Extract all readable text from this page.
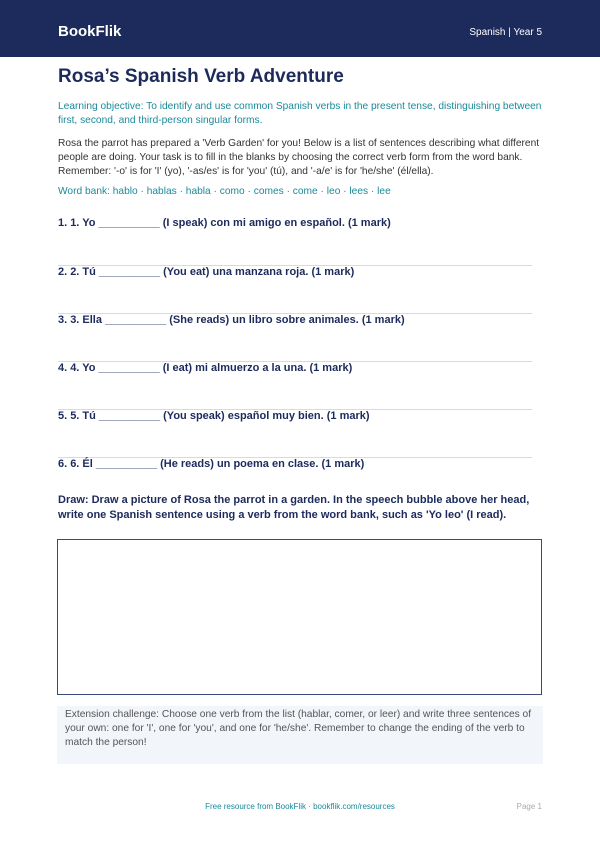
BookFlik	Spanish | Year 5
Rosa’s Spanish Verb Adventure
Learning objective: To identify and use common Spanish verbs in the present tense, distinguishing between first, second, and third-person singular forms.
Rosa the parrot has prepared a 'Verb Garden' for you! Below is a list of sentences describing what different people are doing. Your task is to fill in the blanks by choosing the correct verb form from the word bank. Remember: '-o' is for 'I' (yo), '-as/es' is for 'you' (tú), and '-a/e' is for 'he/she' (él/ella).
Word bank: hablo · hablas · habla · como · comes · come · leo · lees · lee
1. 1. Yo __________ (I speak) con mi amigo en español. (1 mark)
2. 2. Tú __________ (You eat) una manzana roja. (1 mark)
3. 3. Ella __________ (She reads) un libro sobre animales. (1 mark)
4. 4. Yo __________ (I eat) mi almuerzo a la una. (1 mark)
5. 5. Tú __________ (You speak) español muy bien. (1 mark)
6. 6. Él __________ (He reads) un poema en clase. (1 mark)
Draw: Draw a picture of Rosa the parrot in a garden. In the speech bubble above her head, write one Spanish sentence using a verb from the word bank, such as 'Yo leo' (I read).
Extension challenge: Choose one verb from the list (hablar, comer, or leer) and write three sentences of your own: one for 'I', one for 'you', and one for 'he/she'. Remember to change the ending of the verb to match the person!
Free resource from BookFlik · bookflik.com/resources	Page 1
